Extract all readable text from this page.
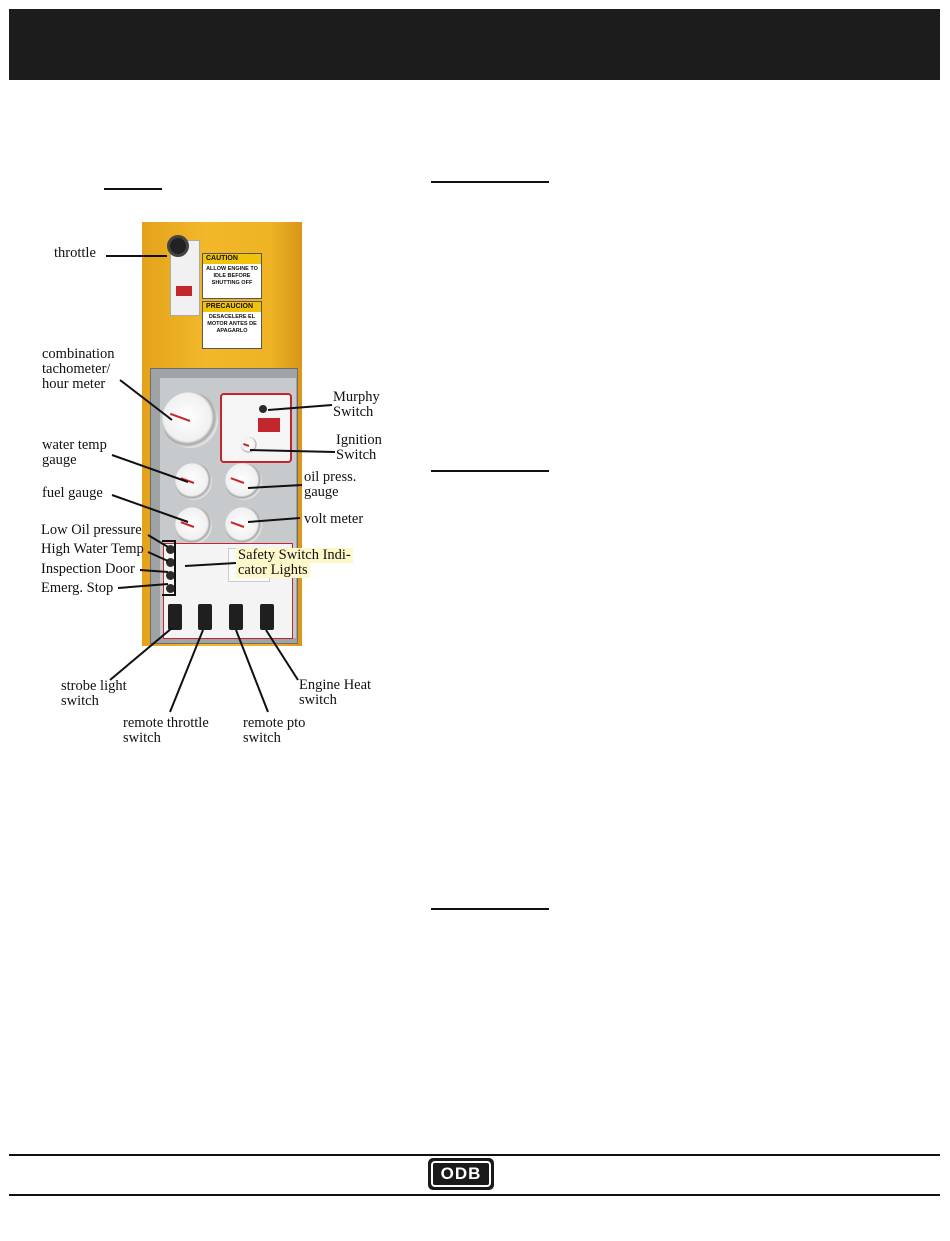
CAUTION
ALLOW ENGINE TO IDLE BEFORE SHUTTING OFF
PRECAUCION
DESACELERE EL MOTOR ANTES DE APAGARLO
throttle
combination
tachometer/
hour meter
Murphy
Switch
Ignition
Switch
water temp
gauge
oil press.
gauge
fuel gauge
volt meter
Low Oil pressure
High Water Temp
Inspection Door
Emerg. Stop
Safety Switch Indi-
cator Lights
strobe light
switch
remote throttle
switch
remote pto
switch
Engine Heat
switch
ODB
